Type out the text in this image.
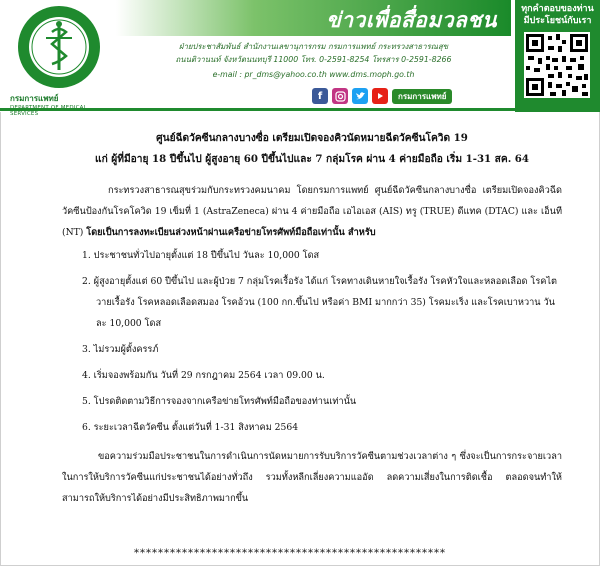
กรมการแพทย์
SERVICES
ข่าวเพื่อสื่อมวลชน
ฝ่ายประชาสัมพันธ์ สำนักงานเลขานุการกรม กรมการแพทย์ กระทรวงสาธารณสุข
ถนนติวานนท์ จังหวัดนนทบุรี 11000 โทร. 0-2591-8254 โทรสาร 0-2591-8266
e-mail : pr_dms@yahoo.co.th www.dms.moph.go.th
f	กรมการแพทย์
ทุกคำตอบของท่าน
มีประโยชน์กับเรา
ศูนย์ฉีดวัคซีนกลางบางซื่อ เตรียมเปิดจองคิวนัดหมายฉีดวัคซีนโควิด 19
แก่ ผู้ที่มีอายุ 18 ปีขึ้นไป ผู้สูงอายุ 60 ปีขึ้นไปและ 7 กลุ่มโรค ผ่าน 4 ค่ายมือถือ เริ่ม 1-31 สค. 64
กระทรวงสาธารณสุขร่วมกับกระทรวงคมนาคม โดยกรมการแพทย์ ศูนย์ฉีดวัคซีนกลางบางซื่อ เตรียมเปิดจองคิวฉีดวัคซีนป้องกันโรคโควิด 19 เข็มที่ 1 (AstraZeneca) ผ่าน 4 ค่ายมือถือ เอไอเอส (AIS) ทรู (TRUE) ดีแทค (DTAC) และ เอ็นที (NT) โดยเป็นการลงทะเบียนล่วงหน้าผ่านเครือข่ายโทรศัพท์มือถือเท่านั้น สำหรับ
1. ประชาชนทั่วไปอายุตั้งแต่ 18 ปีขึ้นไป วันละ 10,000 โดส
2. ผู้สูงอายุตั้งแต่ 60 ปีขึ้นไป และผู้ป่วย 7 กลุ่มโรคเรื้อรัง ได้แก่ โรคทางเดินหายใจเรื้อรัง โรคหัวใจและหลอดเลือด โรคไตวายเรื้อรัง โรคหลอดเลือดสมอง โรคอ้วน (100 กก.ขึ้นไป หรือค่า BMI มากกว่า 35) โรคมะเร็ง และโรคเบาหวาน วันละ 10,000 โดส
3. ไม่รวมผู้ตั้งครรภ์
4. เริ่มจองพร้อมกัน วันที่ 29 กรกฎาคม 2564 เวลา 09.00 น.
5. โปรดติดตามวิธีการจองจากเครือข่ายโทรศัพท์มือถือของท่านเท่านั้น
6. ระยะเวลาฉีดวัคซีน ตั้งแต่วันที่ 1-31 สิงหาคม 2564
ขอความร่วมมือประชาชนในการดำเนินการนัดหมายการรับบริการวัคซีนตามช่วงเวลาต่าง ๆ ซึ่งจะเป็นการกระจายเวลาในการให้บริการวัคซีนแก่ประชาชนได้อย่างทั่วถึง รวมทั้งหลีกเลี่ยงความแออัด ลดความเสี่ยงในการติดเชื้อ ตลอดจนทำให้สามารถให้บริการได้อย่างมีประสิทธิภาพมากขึ้น
****************************************************
